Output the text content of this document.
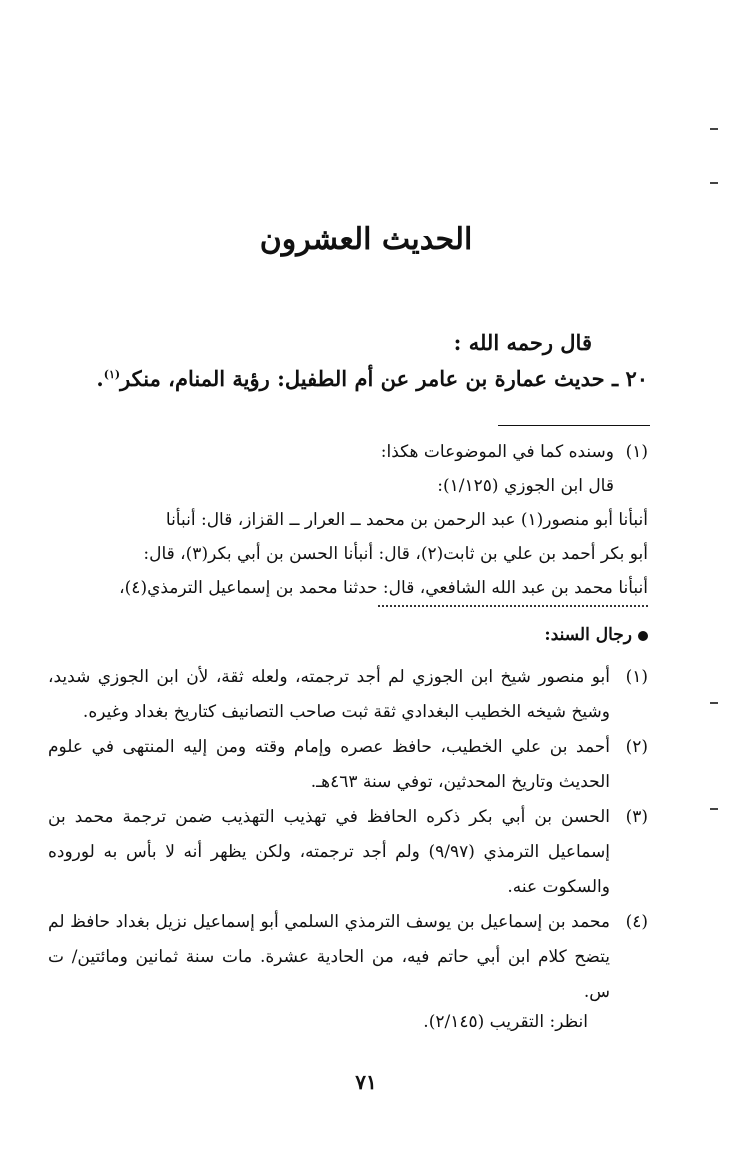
الحديث العشرون
قال رحمه الله :
٢٠ ـ حديث عمارة بن عامر عن أم الطفيل: رؤية المنام، منكر$^{(١)}$.
(١)وسنده كما في الموضوعات هكذا:
قال ابن الجوزي (١/١٢٥):
أنبأنا أبو منصور(١) عبد الرحمن بن محمد ــ العرار ــ القزاز، قال: أنبأنا
أبو بكر أحمد بن علي بن ثابت(٢)، قال: أنبأنا الحسن بن أبي بكر(٣)، قال:
أنبأنا محمد بن عبد الله الشافعي، قال: حدثنا محمد بن إسماعيل الترمذي(٤)،
رجال السند:
(١)
أبو منصور شيخ ابن الجوزي لم أجد ترجمته، ولعله ثقة، لأن ابن الجوزي شديد، وشيخ شيخه الخطيب البغدادي ثقة ثبت صاحب التصانيف كتاريخ بغداد وغيره.
(٢)
أحمد بن علي الخطيب، حافظ عصره وإمام وقته ومن إليه المنتهى في علوم الحديث وتاريخ المحدثين، توفي سنة ٤٦٣هـ.
(٣)
الحسن بن أبي بكر ذكره الحافظ في تهذيب التهذيب ضمن ترجمة محمد بن إسماعيل الترمذي (٩/٩٧) ولم أجد ترجمته، ولكن يظهر أنه لا بأس به لوروده والسكوت عنه.
(٤)
محمد بن إسماعيل بن يوسف الترمذي السلمي أبو إسماعيل نزيل بغداد حافظ لم يتضح كلام ابن أبي حاتم فيه، من الحادية عشرة. مات سنة ثمانين ومائتين/ ت س.
انظر: التقريب (٢/١٤٥).
٧١
